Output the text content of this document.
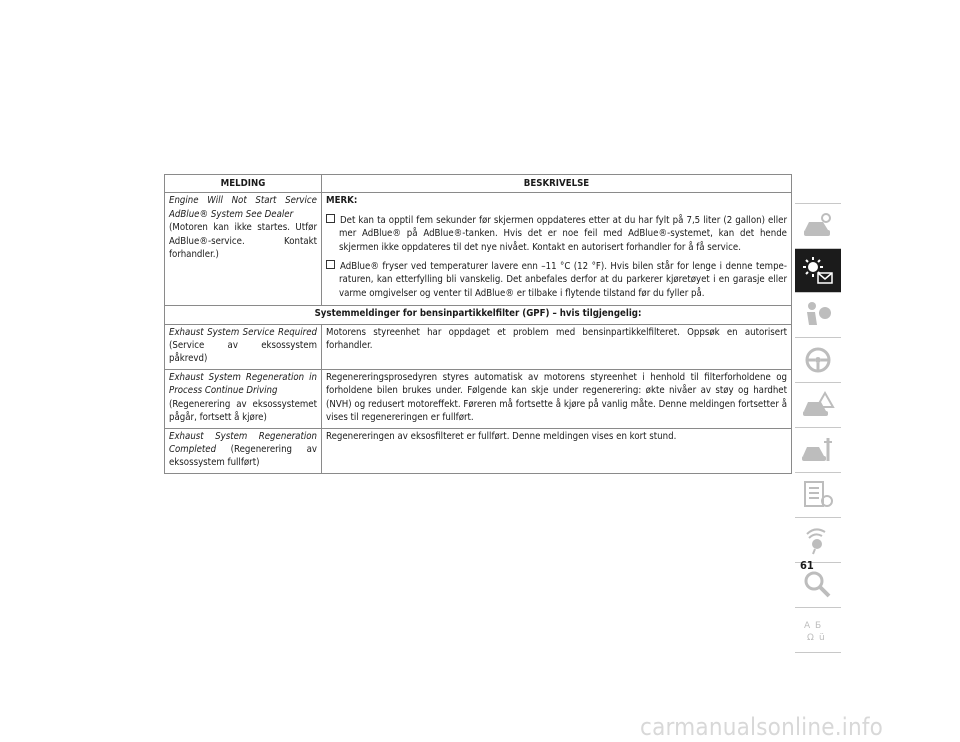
MELDING	BESKRIVELSE
Engine Will Not Start Service AdBlue® System See Dealer
(Motoren kan ikke startes. Utfør AdBlue®-service. Kontakt forhandler.)	MERK:
Det kan ta opptil fem sekunder før skjermen oppdateres etter at du har fylt på 7,5 liter (2 gallon) eller mer AdBlue® på AdBlue®-tanken. Hvis det er noe feil med AdBlue®-systemet, kan det hende skjermen ikke oppdateres til det nye nivået. Kontakt en autorisert forhandler for å få service.
AdBlue® fryser ved temperaturer lavere enn –11 °C (12 °F). Hvis bilen står for lenge i denne tempe- raturen, kan etterfylling bli vanskelig. Det anbefales derfor at du parkerer kjøretøyet i en garasje eller varme omgivelser og venter til AdBlue® er tilbake i flytende tilstand før du fyller på.

Systemmeldinger for bensinpartikkelfilter (GPF) – hvis tilgjengelig:	
Exhaust System Service Required (Service av eksossystem påkrevd)	Motorens styreenhet har oppdaget et problem med bensinpartikkelfilteret. Oppsøk en autorisert forhandler.
Exhaust System Regeneration in Process Continue Driving
(Regenerering av eksossystemet pågår, fortsett å kjøre)	Regenereringsprosedyren styres automatisk av motorens styreenhet i henhold til filterforholdene og forholdene bilen brukes under. Følgende kan skje under regenerering: økte nivåer av støy og hardhet (NVH) og redusert motoreffekt. Føreren må fortsette å kjøre på vanlig måte. Denne meldingen fortsetter å vises til regenereringen er fullført.
Exhaust System Regeneration Completed (Regenerering av eksossystem fullført)	Regenereringen av eksosfilteret er fullført. Denne meldingen vises en kort stund.
A Б
Ω ü
61
carmanualsonline.info
